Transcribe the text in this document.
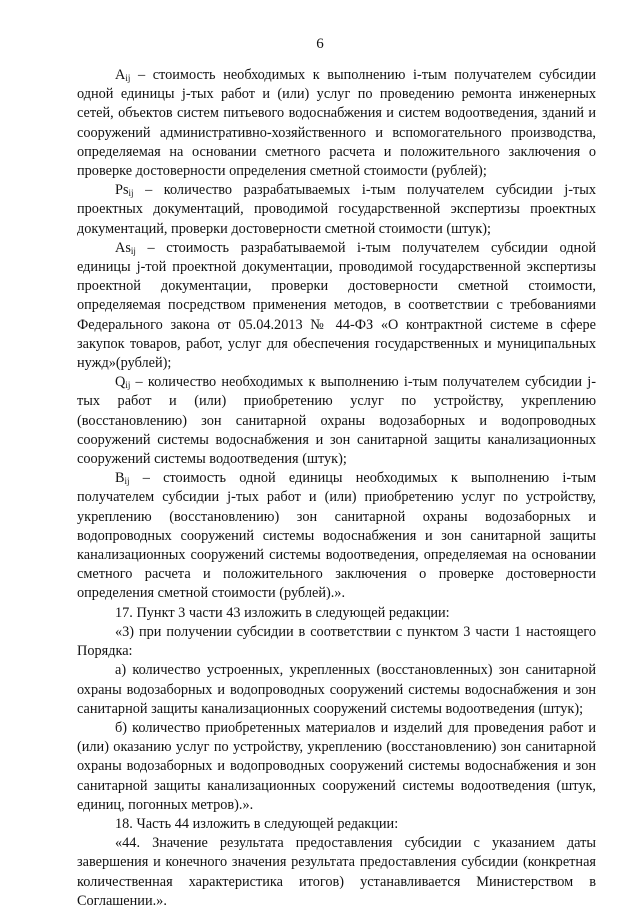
6

$A_{ij}$ – стоимость необходимых к выполнению i-тым получателем субсидии одной единицы j-тых работ и (или) услуг по проведению ремонта инженерных сетей, объектов систем питьевого водоснабжения и систем водоотведения, зданий и сооружений административно-хозяйственного и вспомогательного производства, определяемая на основании сметного расчета и положительного заключения о проверке достоверности определения сметной стоимости (рублей);

$Ps_{ij}$ – количество разрабатываемых i-тым получателем субсидии j-тых проектных документаций, проводимой государственной экспертизы проектных документаций, проверки достоверности сметной стоимости (штук);

$As_{ij}$ – стоимость разрабатываемой i-тым получателем субсидии одной единицы j-той проектной документации, проводимой государственной экспертизы проектной документации, проверки достоверности сметной стоимости, определяемая посредством применения методов, в соответствии с требованиями Федерального закона от 05.04.2013 № 44-ФЗ «О контрактной системе в сфере закупок товаров, работ, услуг для обеспечения государственных и муниципальных нужд»(рублей);

$Q_{ij}$ – количество необходимых к выполнению i-тым получателем субсидии j-тых работ и (или) приобретению услуг по устройству, укреплению (восстановлению) зон санитарной охраны водозаборных и водопроводных сооружений системы водоснабжения и зон санитарной защиты канализационных сооружений системы водоотведения (штук);

$B_{ij}$ – стоимость одной единицы необходимых к выполнению i-тым получателем субсидии j-тых работ и (или) приобретению услуг по устройству, укреплению (восстановлению) зон санитарной охраны водозаборных и водопроводных сооружений системы водоснабжения и зон санитарной защиты канализационных сооружений системы водоотведения, определяемая на основании сметного расчета и положительного заключения о проверке достоверности определения сметной стоимости (рублей).».

17. Пункт 3 части 43 изложить в следующей редакции:

«3) при получении субсидии в соответствии с пунктом 3 части 1 настоящего Порядка:

а) количество устроенных, укрепленных (восстановленных) зон санитарной охраны водозаборных и водопроводных сооружений системы водоснабжения и зон санитарной защиты канализационных сооружений системы водоотведения (штук);

б) количество приобретенных материалов и изделий для проведения работ и (или) оказанию услуг по устройству, укреплению (восстановлению) зон санитарной охраны водозаборных и водопроводных сооружений системы водоснабжения и зон санитарной защиты канализационных сооружений системы водоотведения (штук, единиц, погонных метров).».

18. Часть 44 изложить в следующей редакции:

«44. Значение результата предоставления субсидии с указанием даты завершения и конечного значения результата предоставления субсидии (конкретная количественная характеристика итогов) устанавливается Министерством в Соглашении.».
